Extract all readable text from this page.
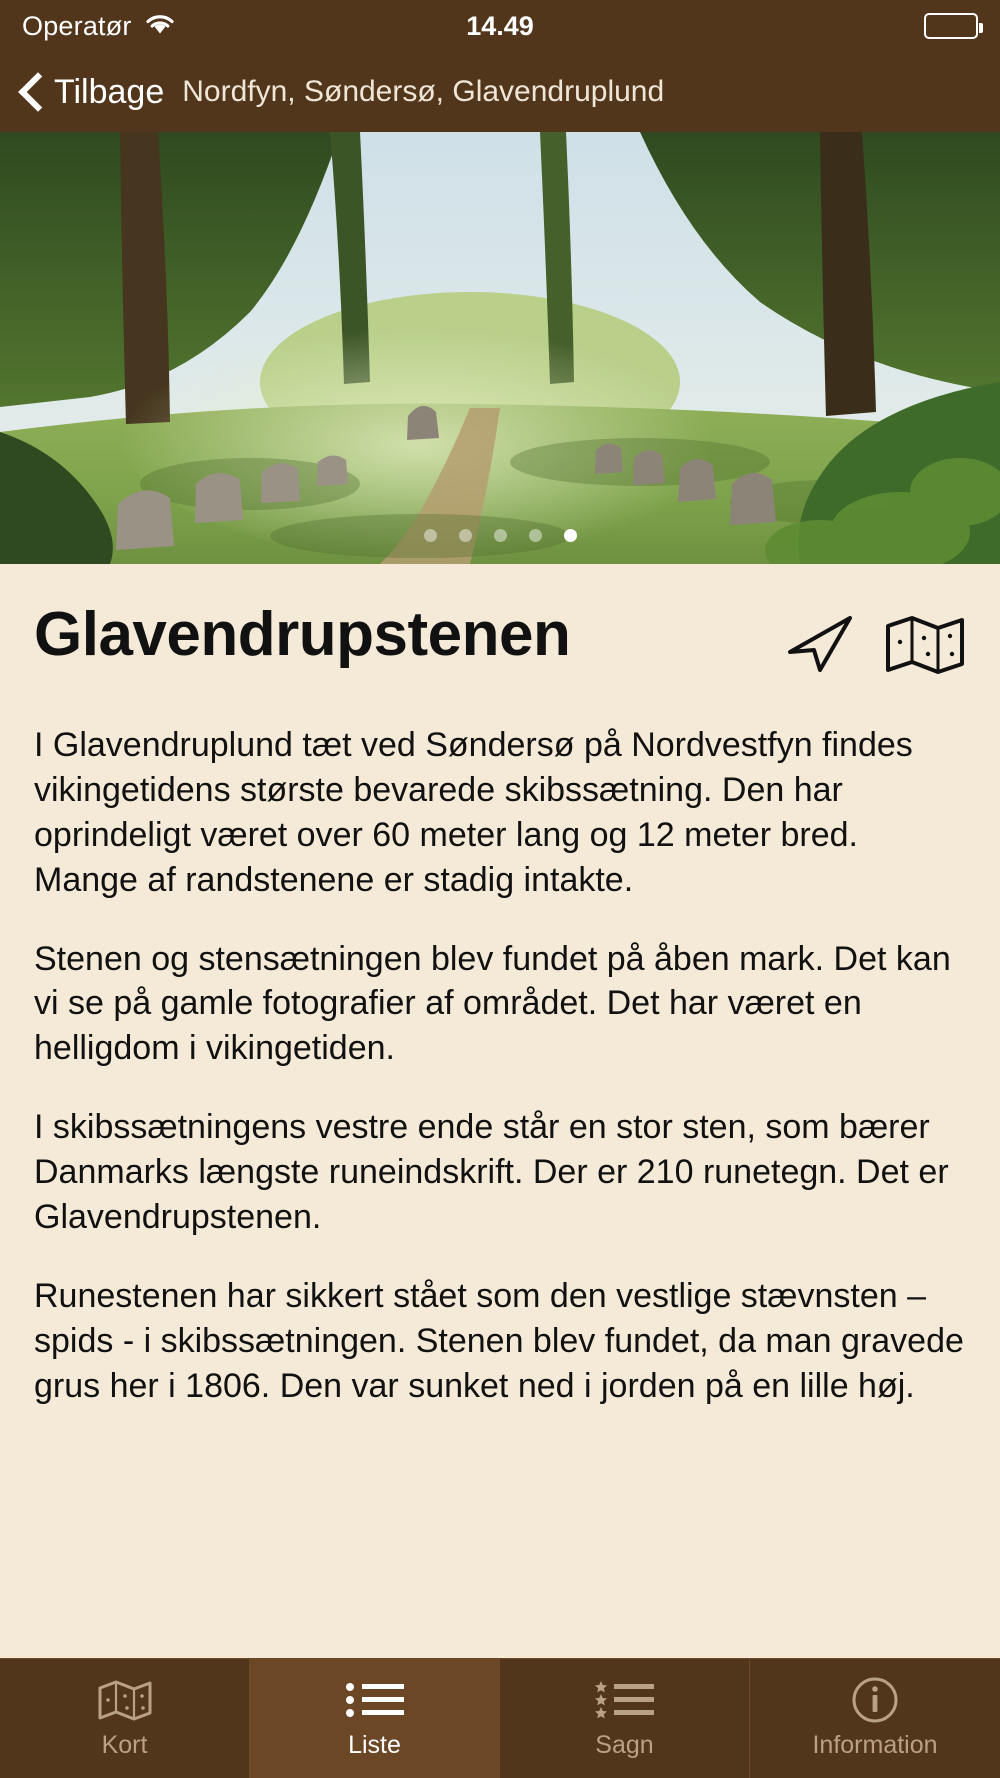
Operatør	14.49
Tilbage Nordfyn, Søndersø, Glavendruplund
Glavendrupstenen

I Glavendruplund tæt ved Søndersø på Nordvestfyn findes vikingetidens største bevarede skibssætning. Den har oprindeligt været over 60 meter lang og 12 meter bred. Mange af randstenene er stadig intakte.

Stenen og stensætningen blev fundet på åben mark. Det kan vi se på gamle fotografier af området. Det har været en helligdom i vikingetiden.

I skibssætningens vestre ende står en stor sten, som bærer Danmarks længste runeindskrift. Der er 210 runetegn. Det er Glavendrupstenen.

Runestenen har sikkert stået som den vestlige stævnsten – spids - i skibssætningen. Stenen blev fundet, da man gravede grus her i 1806. Den var sunket ned i jorden på en lille høj.

Kort	Liste	Sagn	Information
